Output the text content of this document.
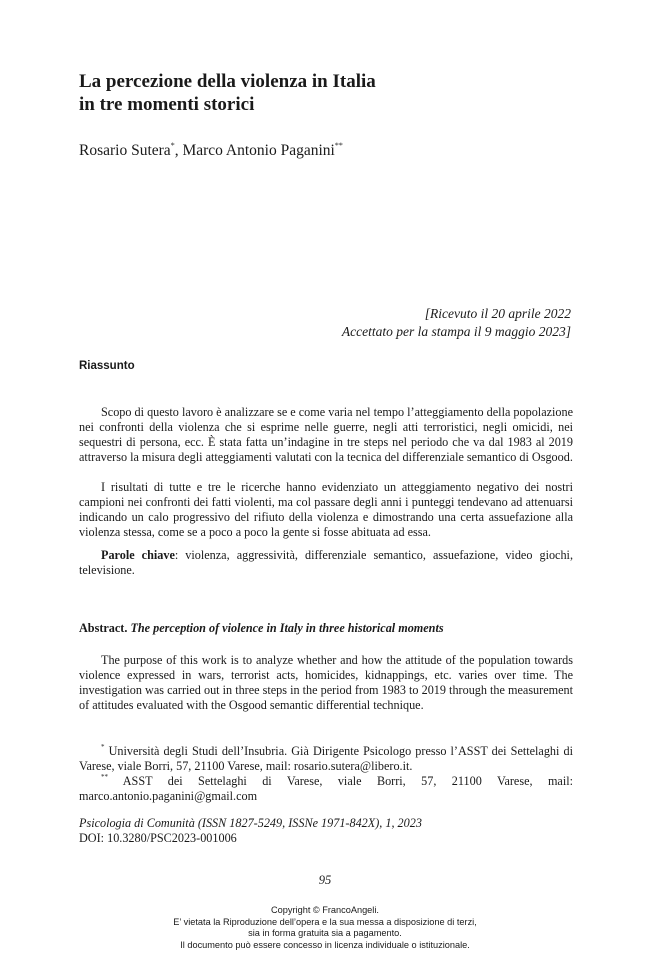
La percezione della violenza in Italia
in tre momenti storici
Rosario Sutera*, Marco Antonio Paganini**
[Ricevuto il 20 aprile 2022
Accettato per la stampa il 9 maggio 2023]
Riassunto

Scopo di questo lavoro è analizzare se e come varia nel tempo l’atteggiamento della popolazione nei confronti della violenza che si esprime nelle guerre, negli atti terroristici, negli omicidi, nei sequestri di persona, ecc. È stata fatta un’indagine in tre steps nel periodo che va dal 1983 al 2019 attraverso la misura degli atteggiamenti valutati con la tecnica del differenziale semantico di Osgood.

I risultati di tutte e tre le ricerche hanno evidenziato un atteggiamento negativo dei nostri campioni nei confronti dei fatti violenti, ma col passare degli anni i punteggi tendevano ad attenuarsi indicando un calo progressivo del rifiuto della violenza e dimostrando una certa assuefazione alla violenza stessa, come se a poco a poco la gente si fosse abituata ad essa.

Parole chiave: violenza, aggressività, differenziale semantico, assuefazione, video giochi, televisione.

Abstract. The perception of violence in Italy in three historical moments

The purpose of this work is to analyze whether and how the attitude of the population towards violence expressed in wars, terrorist acts, homicides, kidnappings, etc. varies over time. The investigation was carried out in three steps in the period from 1983 to 2019 through the measurement of attitudes evaluated with the Osgood semantic differential technique.

* Università degli Studi dell’Insubria. Già Dirigente Psicologo presso l’ASST dei Settelaghi di Varese, viale Borri, 57, 21100 Varese, mail: rosario.sutera@libero.it.

** ASST dei Settelaghi di Varese, viale Borri, 57, 21100 Varese, mail: marco.antonio.paganini@gmail.com

Psicologia di Comunità (ISSN 1827-5249, ISSNe 1971-842X), 1, 2023
DOI: 10.3280/PSC2023-001006
95
Copyright © FrancoAngeli.
E’ vietata la Riproduzione dell’opera e la sua messa a disposizione di terzi,
sia in forma gratuita sia a pagamento.
Il documento può essere concesso in licenza individuale o istituzionale.
